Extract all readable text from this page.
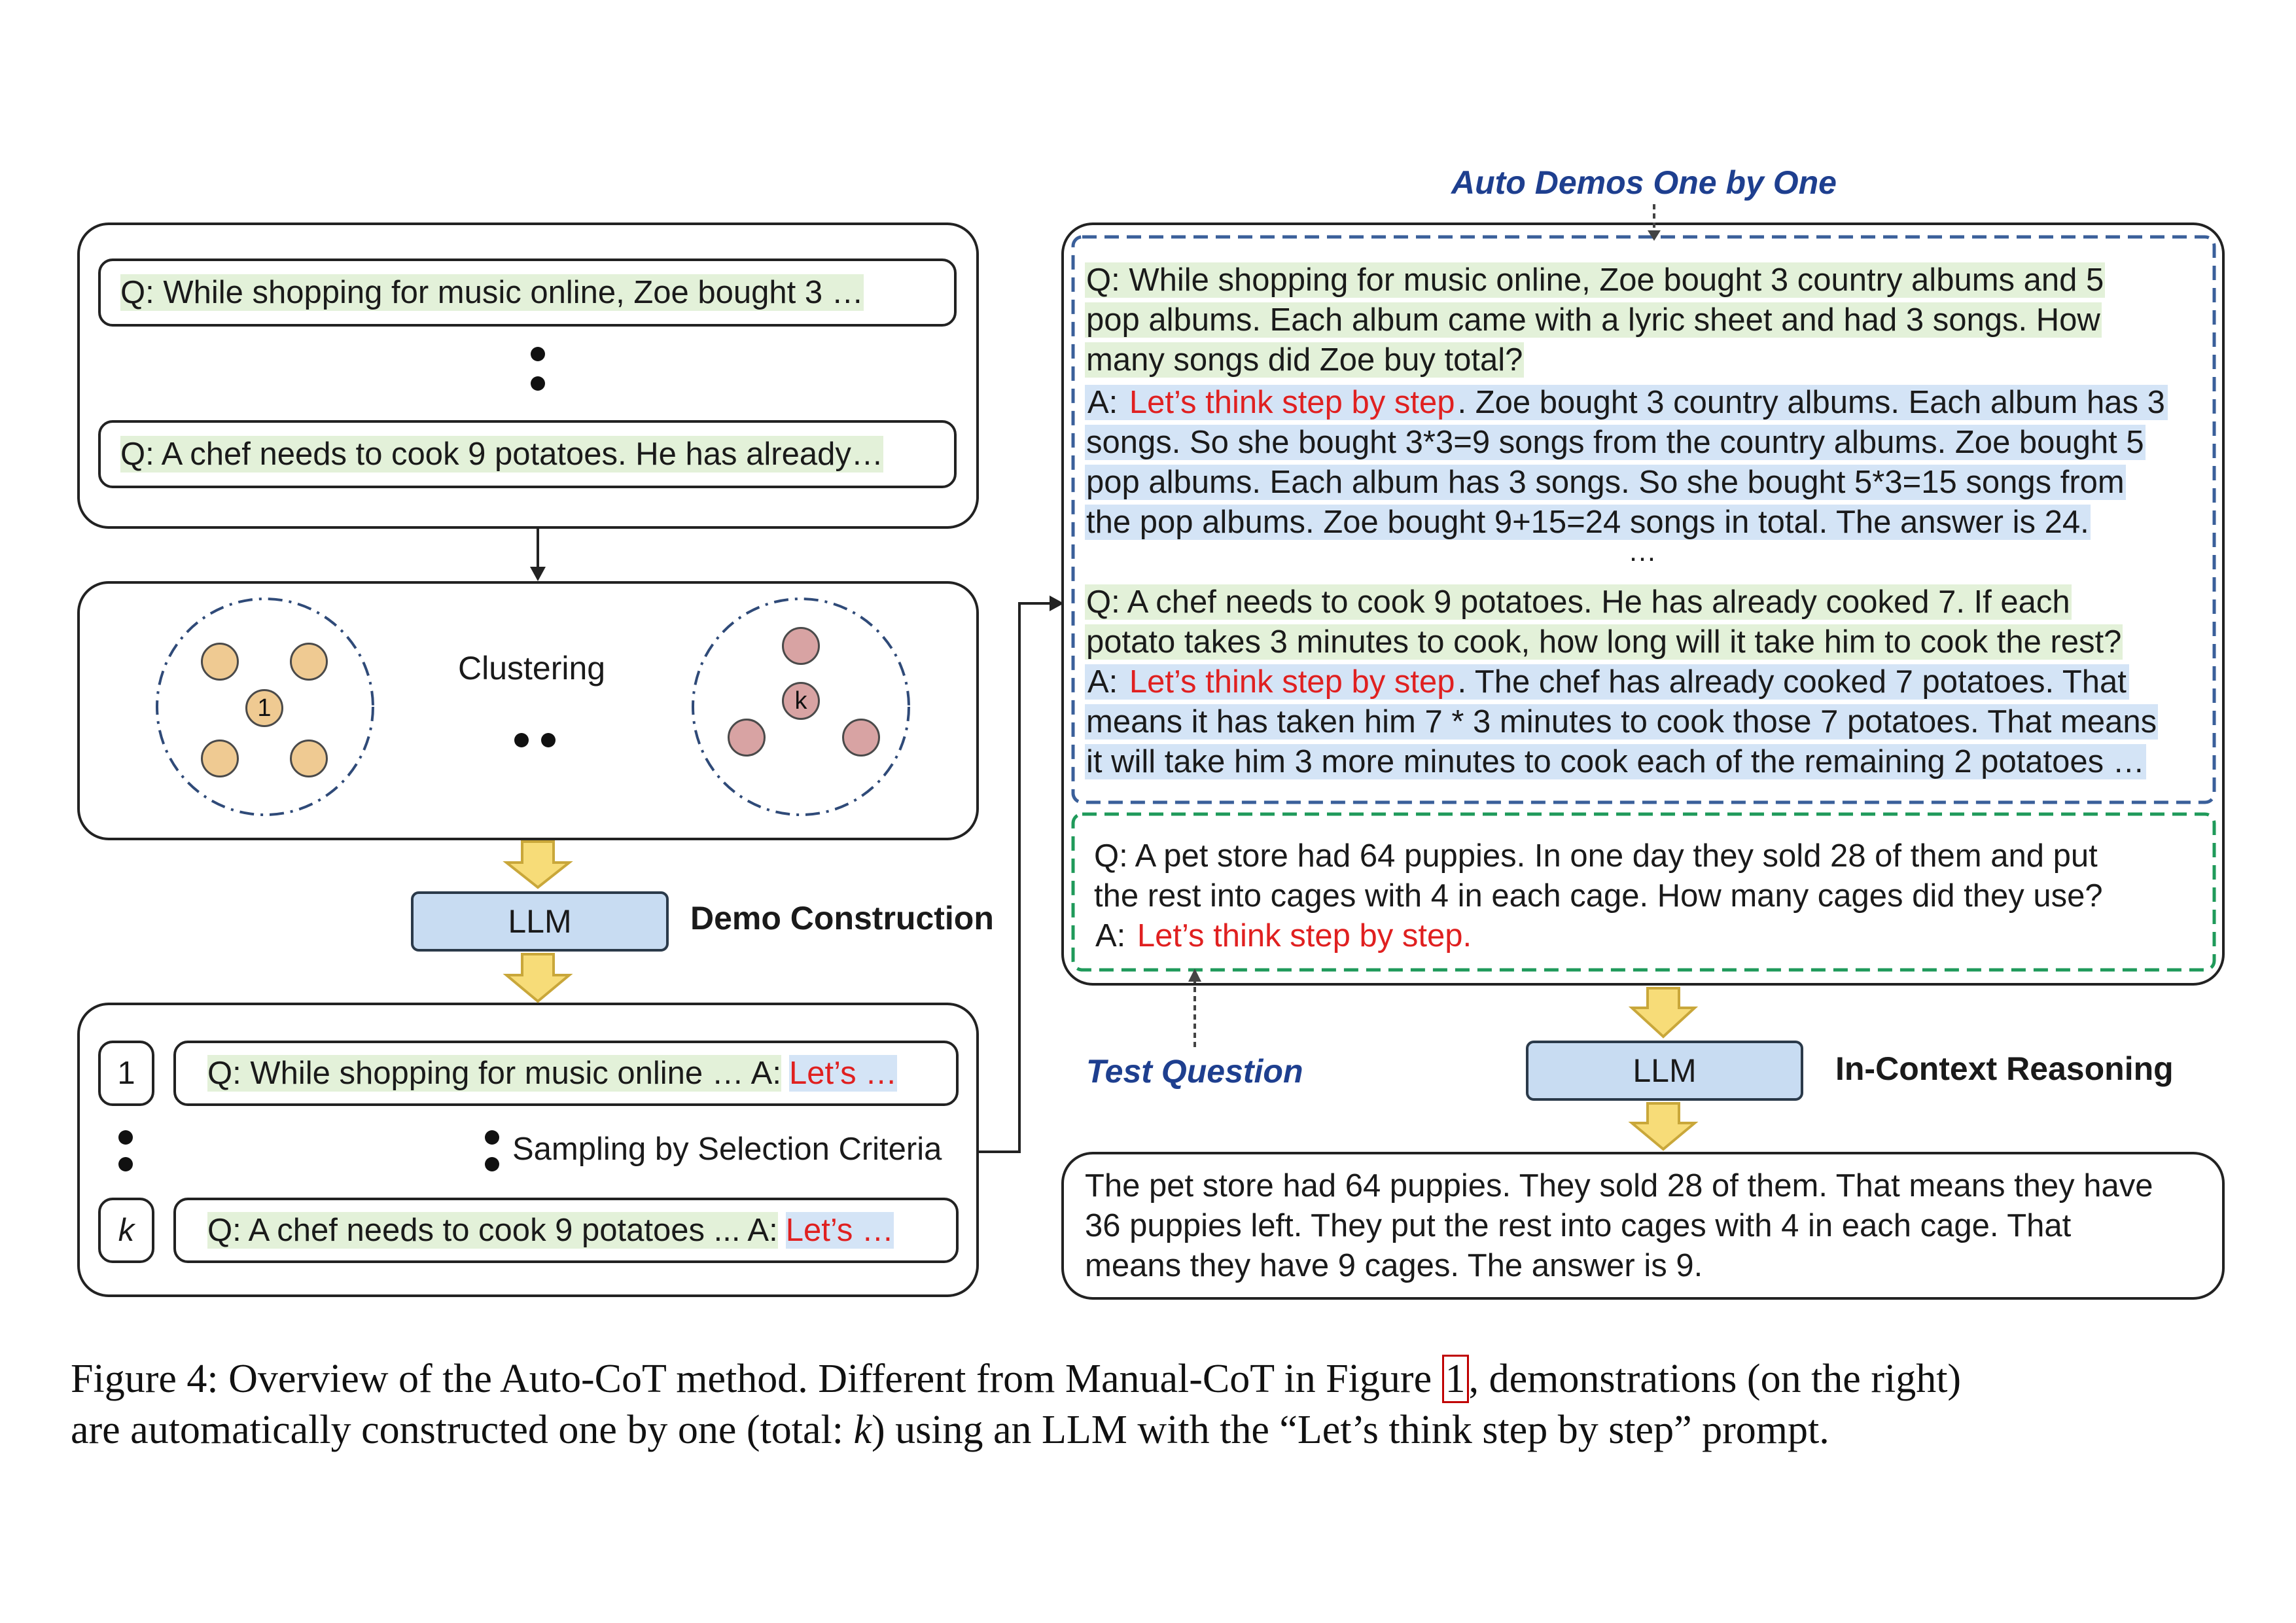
Q: While shopping for music online, Zoe bought 3 …
Q: A chef needs to cook 9 potatoes. He has already…
1	k
Clustering
LLM	Demo Construction
1 Q: While shopping for music online … A: Let’s …
Sampling by Selection Criteria
k Q: A chef needs to cook 9 potatoes ... A: Let’s …
Auto Demos One by One
Q: While shopping for music online, Zoe bought 3 country albums and 5
pop albums. Each album came with a lyric sheet and had 3 songs. How
many songs did Zoe buy total?
A: Let’s think step by step. Zoe bought 3 country albums. Each album has 3
songs. So she bought 3*3=9 songs from the country albums. Zoe bought 5
pop albums. Each album has 3 songs. So she bought 5*3=15 songs from
the pop albums. Zoe bought 9+15=24 songs in total. The answer is 24.
…
Q: A chef needs to cook 9 potatoes. He has already cooked 7. If each
potato takes 3 minutes to cook, how long will it take him to cook the rest?
A: Let’s think step by step. The chef has already cooked 7 potatoes. That
means it has taken him 7 * 3 minutes to cook those 7 potatoes. That means
it will take him 3 more minutes to cook each of the remaining 2 potatoes …
Q: A pet store had 64 puppies. In one day they sold 28 of them and put
the rest into cages with 4 in each cage. How many cages did they use?
A: Let’s think step by step.
Test Question	LLM	In-Context Reasoning
The pet store had 64 puppies. They sold 28 of them. That means they have
36 puppies left. They put the rest into cages with 4 in each cage. That
means they have 9 cages. The answer is 9.
Figure 4: Overview of the Auto-CoT method. Different from Manual-CoT in Figure 1, demonstrations (on the right)
are automatically constructed one by one (total: k) using an LLM with the “Let’s think step by step” prompt.
